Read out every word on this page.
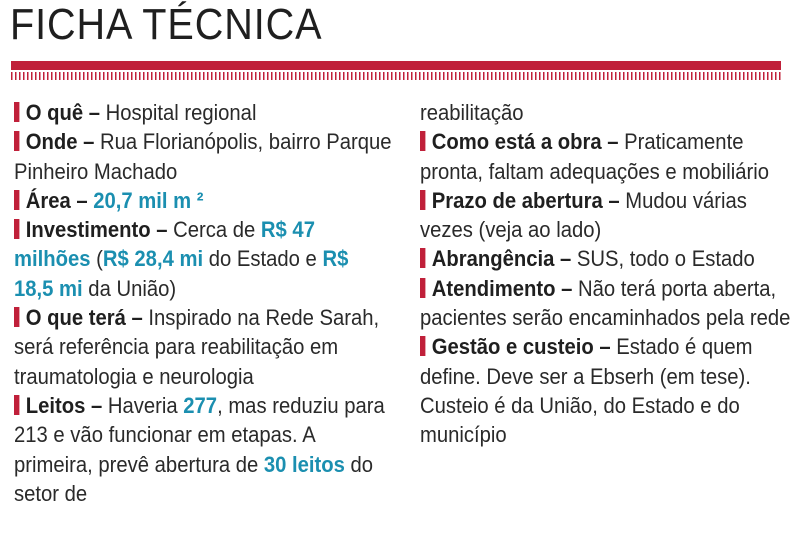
FICHA TÉCNICA

O quê – Hospital regional

Onde – Rua Florianópolis, bairro Parque Pinheiro Machado

Área – 20,7 mil m ²

Investimento – Cerca de R$ 47 milhões (R$ 28,4 mi do Estado e R$ 18,5 mi da União)

O que terá – Inspirado na Rede Sarah, será referência para reabilitação em traumatologia e neurologia

Leitos – Haveria 277, mas reduziu para 213 e vão funcionar em etapas. A primeira, prevê abertura de 30 leitos do setor de

reabilitação

Como está a obra – Praticamente pronta, faltam adequações e mobiliário

Prazo de abertura – Mudou várias vezes (veja ao lado)

Abrangência – SUS, todo o Estado

Atendimento – Não terá porta aberta, pacientes serão encaminhados pela rede

Gestão e custeio – Estado é quem define. Deve ser a Ebserh (em tese). Custeio é da União, do Estado e do município
